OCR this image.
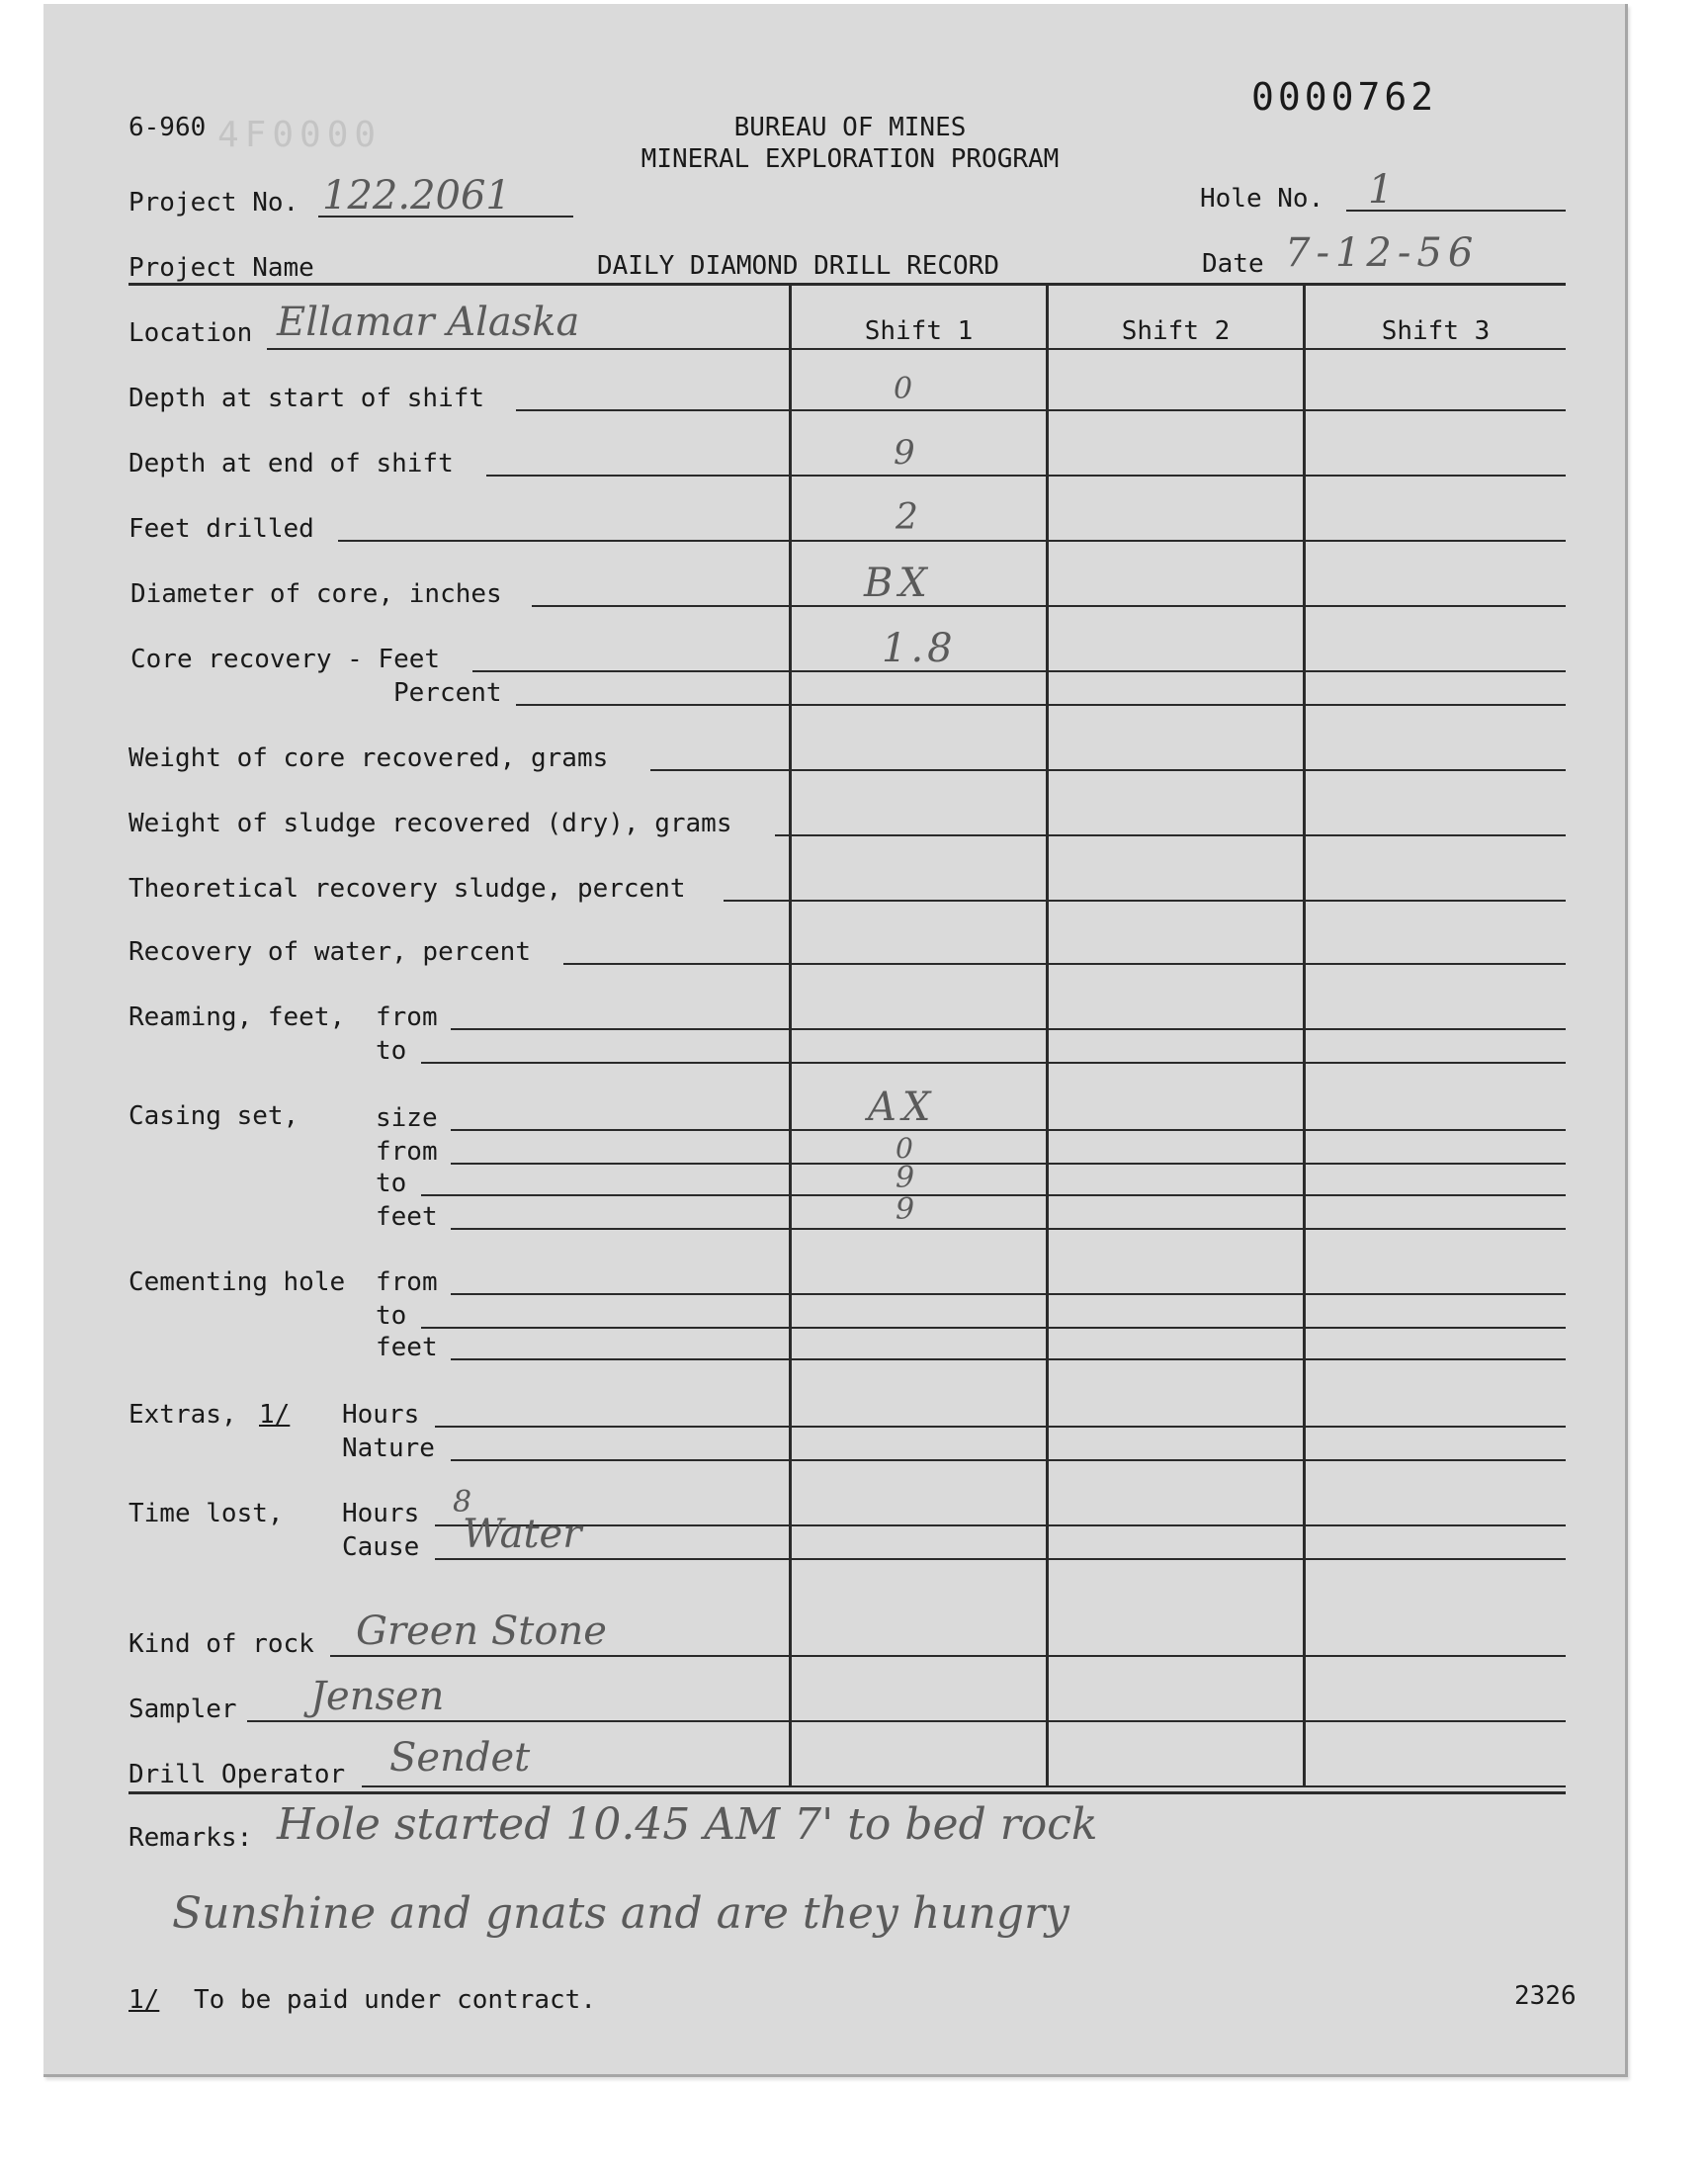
6-960 4F0000	BUREAU OF MINES
MINERAL EXPLORATION PROGRAM
0000762
Project No. 122.2061	Hole No. 1
Project Name	DAILY DIAMOND DRILL RECORD	Date 7-12-56
Location Ellamar Alaska	Shift 1	Shift 2	Shift 3
Depth at start of shift	0
Depth at end of shift	9
Feet drilled	2
Diameter of core, inches	BX
Core recovery - Feet	1.8
Percent
Weight of core recovered, grams
Weight of sludge recovered (dry), grams
Theoretical recovery sludge, percent
Recovery of water, percent
Reaming, feet, from
to
Casing set,	size	AX
from	0
to	9
feet	9
Cementing hole from
to
feet
Extras, 1/ Hours
Nature
Time lost, Hours 8
Cause Water
Kind of rock Green Stone
Sampler Jensen
Drill Operator Sendet
Remarks: Hole started 10.45 AM 7' to bed rock
Sunshine and gnats and are they hungry
1/ To be paid under contract.	2326
